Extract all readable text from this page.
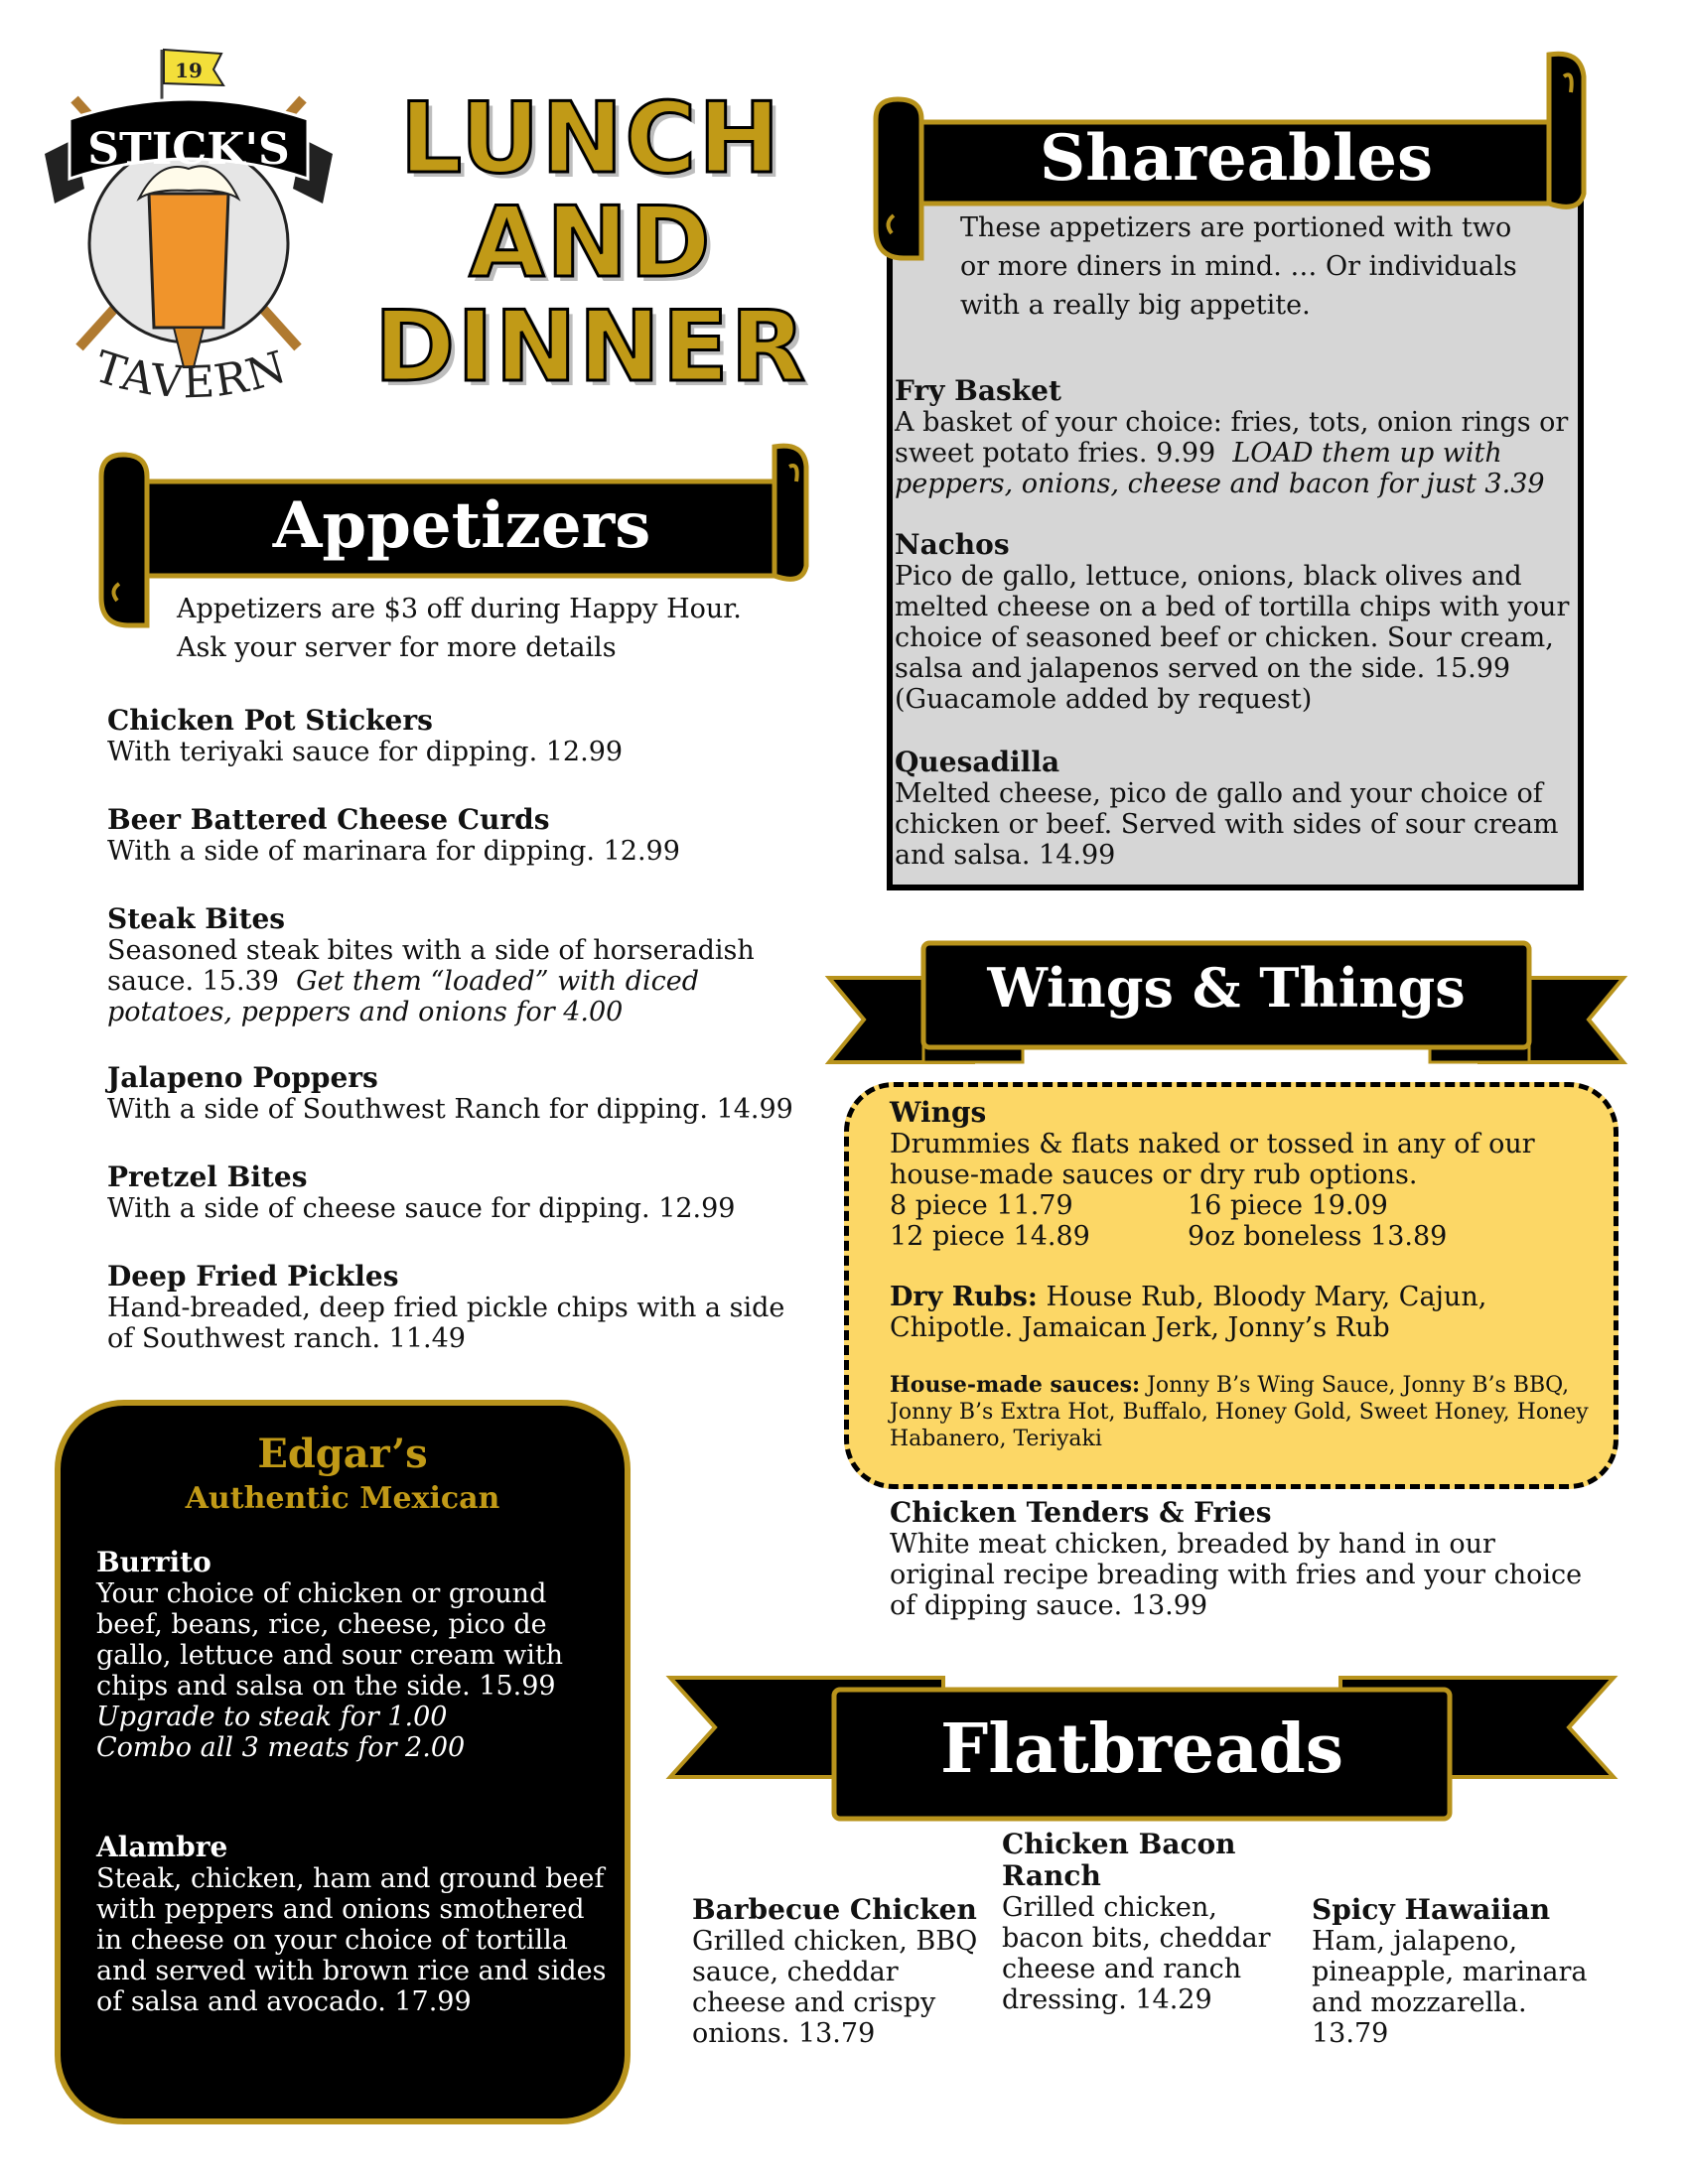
19
STICK'S
TAVERN
LUNCH
AND
DINNER
Appetizers
Appetizers are $3 off during Happy Hour.
Ask your server for more details
Chicken Pot Stickers
With teriyaki sauce for dipping. 12.99
Beer Battered Cheese Curds
With a side of marinara for dipping. 12.99
Steak Bites
Seasoned steak bites with a side of horseradish sauce. 15.39 Get them “loaded” with diced potatoes, peppers and onions for 4.00
Jalapeno Poppers
With a side of Southwest Ranch for dipping. 14.99
Pretzel Bites
With a side of cheese sauce for dipping. 12.99
Deep Fried Pickles
Hand-breaded, deep fried pickle chips with a side of Southwest ranch. 11.49
Shareables
These appetizers are portioned with two
or more diners in mind. … Or individuals
with a really big appetite.
Fry Basket
A basket of your choice: fries, tots, onion rings or sweet potato fries. 9.99 LOAD them up with peppers, onions, cheese and bacon for just 3.39
Nachos
Pico de gallo, lettuce, onions, black olives and melted cheese on a bed of tortilla chips with your choice of seasoned beef or chicken. Sour cream, salsa and jalapenos served on the side. 15.99 (Guacamole added by request)
Quesadilla
Melted cheese, pico de gallo and your choice of chicken or beef. Served with sides of sour cream and salsa. 14.99
Wings & Things
Wings
Drummies & flats naked or tossed in any of our house-made sauces or dry rub options.
8 piece 11.79	16 piece 19.09
12 piece 14.89	9oz boneless 13.89
Dry Rubs: House Rub, Bloody Mary, Cajun, Chipotle. Jamaican Jerk, Jonny’s Rub
House-made sauces: Jonny B’s Wing Sauce, Jonny B’s BBQ, Jonny B’s Extra Hot, Buffalo, Honey Gold, Sweet Honey, Honey Habanero, Teriyaki
Chicken Tenders & Fries
White meat chicken, breaded by hand in our original recipe breading with fries and your choice of dipping sauce. 13.99
Edgar’s
Authentic Mexican
Burrito
Your choice of chicken or ground beef, beans, rice, cheese, pico de gallo, lettuce and sour cream with chips and salsa on the side. 15.99
Upgrade to steak for 1.00
Combo all 3 meats for 2.00
Alambre
Steak, chicken, ham and ground beef with peppers and onions smothered in cheese on your choice of tortilla and served with brown rice and sides of salsa and avocado. 17.99
Flatbreads
Barbecue Chicken
Grilled chicken, BBQ sauce, cheddar cheese and crispy onions. 13.79
Chicken Bacon Ranch
Grilled chicken, bacon bits, cheddar cheese and ranch dressing. 14.29
Spicy Hawaiian
Ham, jalapeno, pineapple, marinara and mozzarella. 13.79
